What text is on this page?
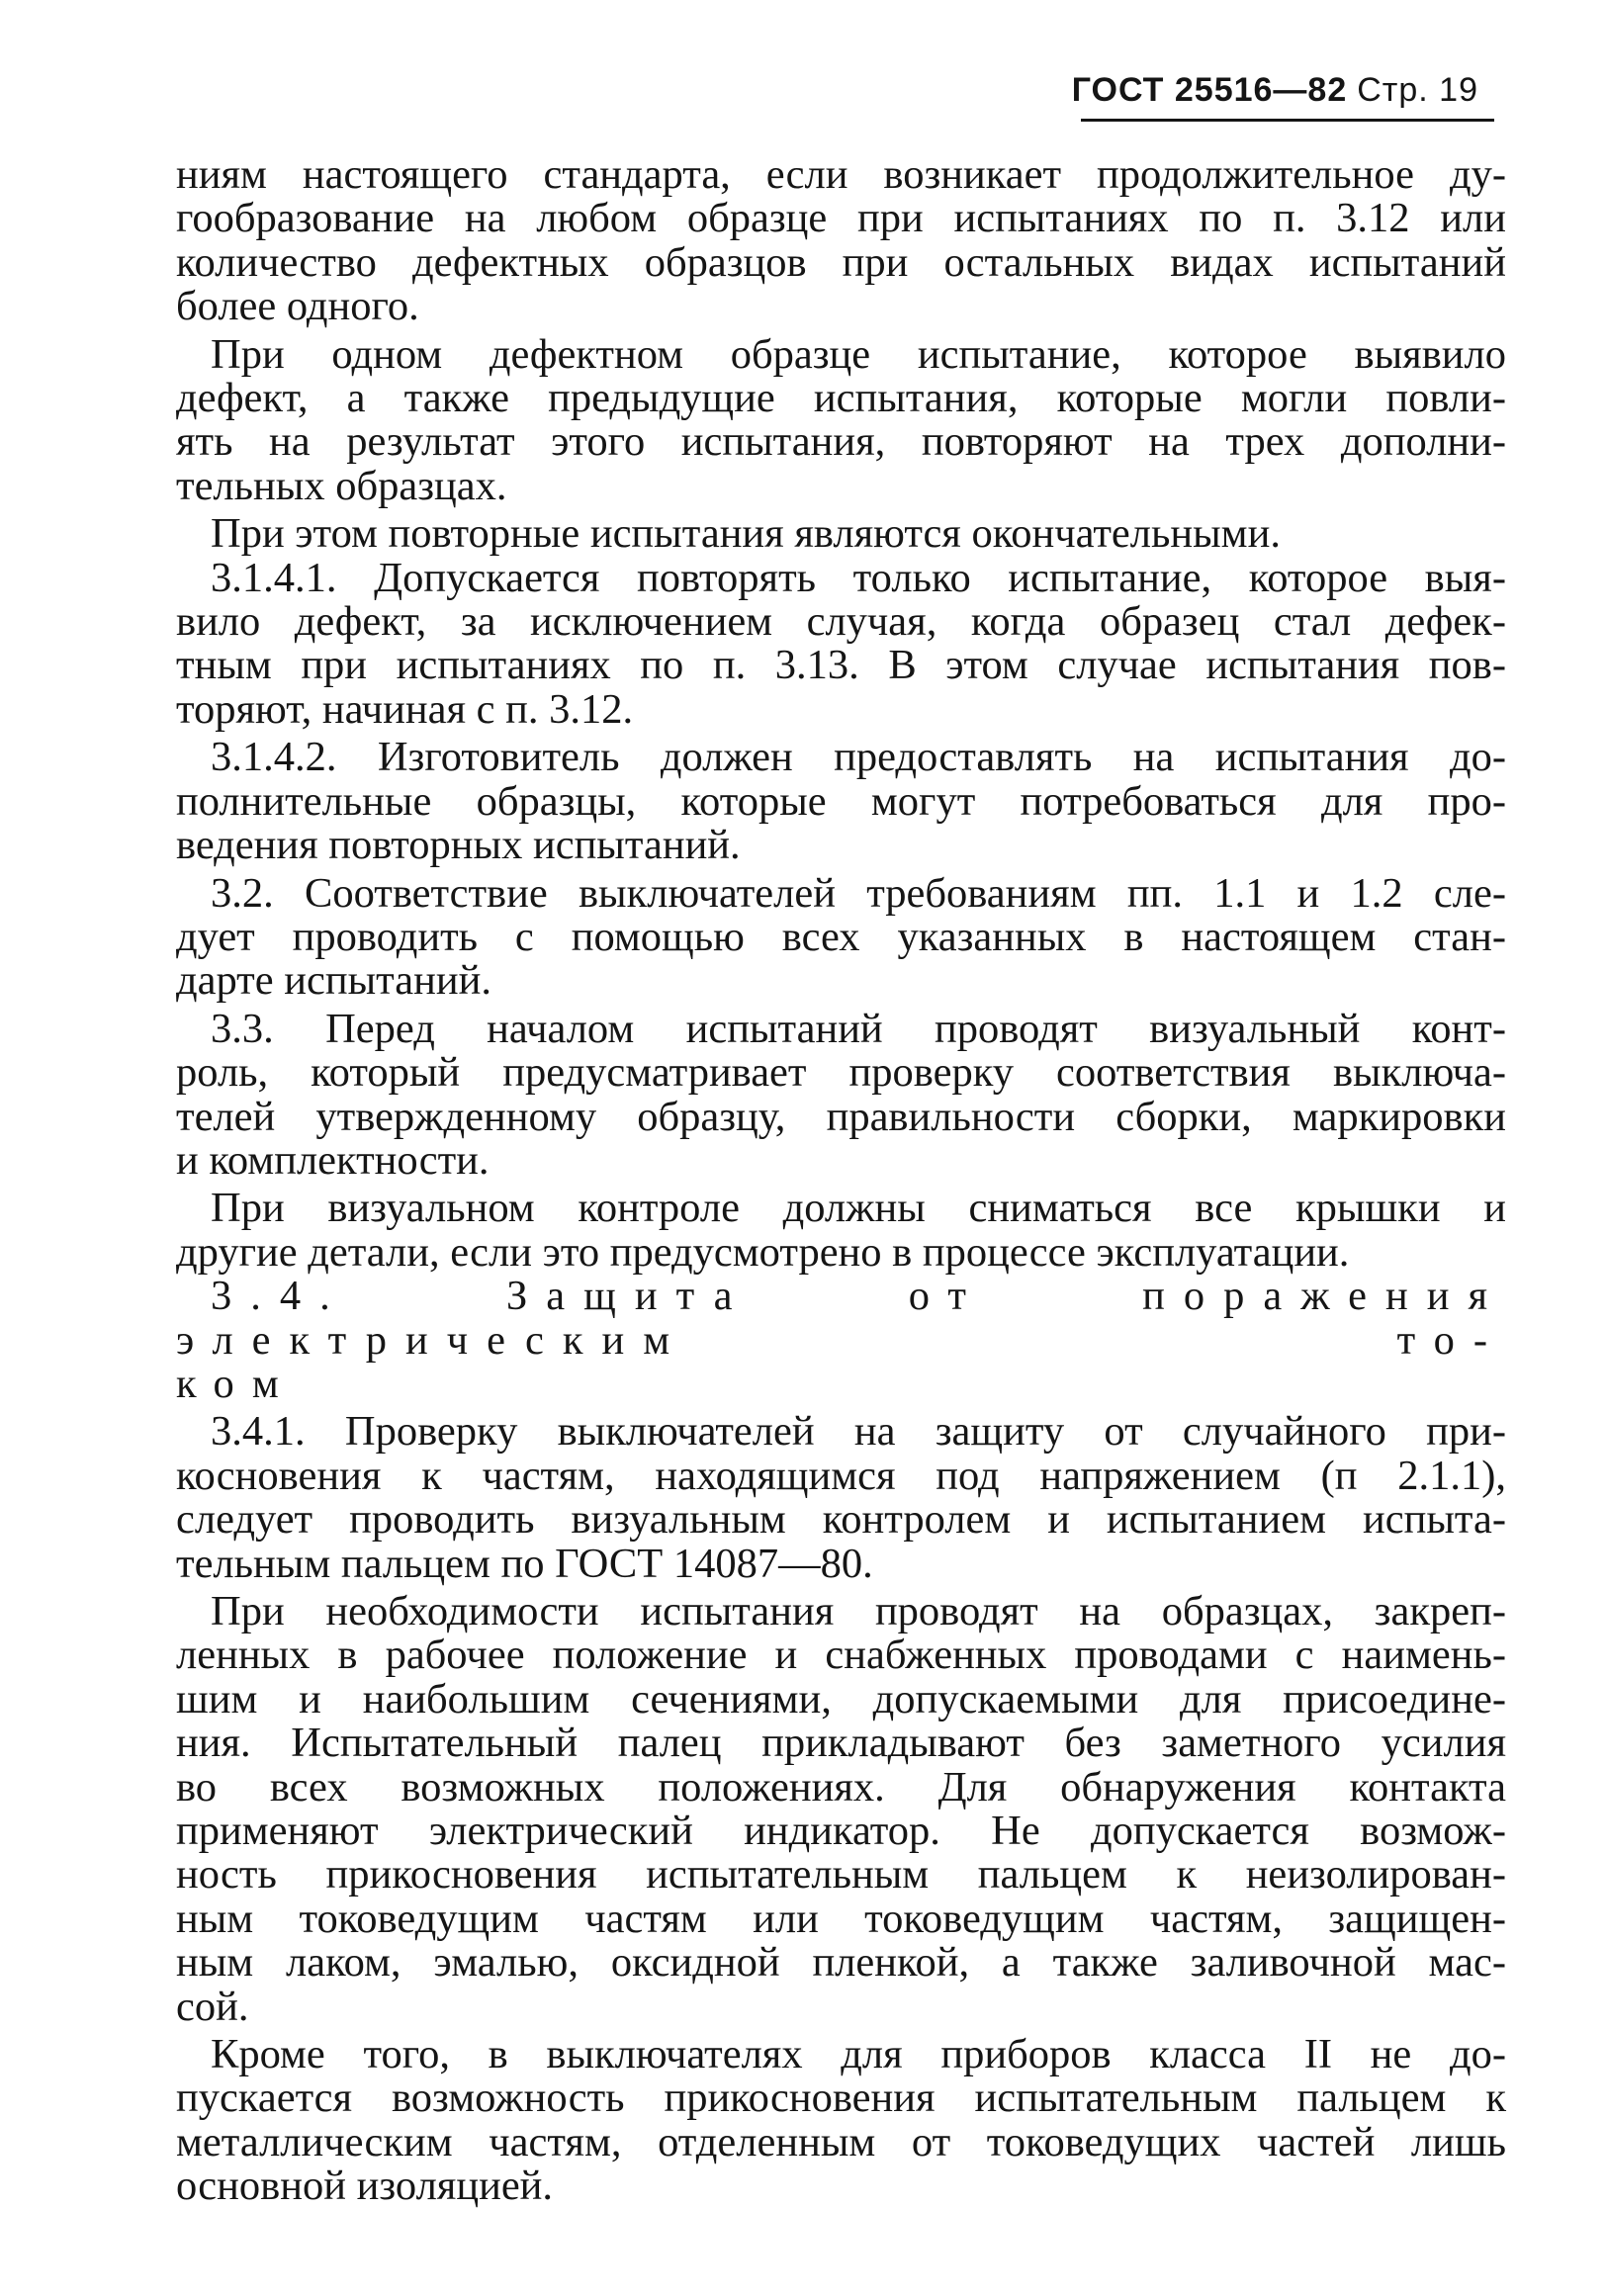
ГОСТ 25516—82 Стр. 19

ниям настоящего стандарта, если возникает продолжительное ду-

гообразование на любом образце при испытаниях по п. 3.12 или

количество дефектных образцов при остальных видах испытаний

более одного.

При одном дефектном образце испытание, которое выявило

дефект, а также предыдущие испытания, которые могли повли-

ять на результат этого испытания, повторяют на трех дополни-

тельных образцах.

При этом повторные испытания являются окончательными.

3.1.4.1. Допускается повторять только испытание, которое выя-

вило дефект, за исключением случая, когда образец стал дефек-

тным при испытаниях по п. 3.13. В этом случае испытания пов-

торяют, начиная с п. 3.12.

3.1.4.2. Изготовитель должен предоставлять на испытания до-

полнительные образцы, которые могут потребоваться для про-

ведения повторных испытаний.

3.2. Соответствие выключателей требованиям пп. 1.1 и 1.2 сле-

дует проводить с помощью всех указанных в настоящем стан-

дарте испытаний.

3.3. Перед началом испытаний проводят визуальный конт-

роль, который предусматривает проверку соответствия выключа-

телей утвержденному образцу, правильности сборки, маркировки

и комплектности.

При визуальном контроле должны сниматься все крышки и

другие детали, если это предусмотрено в процессе эксплуатации.

3.4. Защита от поражения электрическим то-

ком

3.4.1. Проверку выключателей на защиту от случайного при-

косновения к частям, находящимся под напряжением (п 2.1.1),

следует проводить визуальным контролем и испытанием испыта-

тельным пальцем по ГОСТ 14087—80.

При необходимости испытания проводят на образцах, закреп-

ленных в рабочее положение и снабженных проводами с наимень-

шим и наибольшим сечениями, допускаемыми для присоедине-

ния. Испытательный палец прикладывают без заметного усилия

во всех возможных положениях. Для обнаружения контакта

применяют электрический индикатор. Не допускается возмож-

ность прикосновения испытательным пальцем к неизолирован-

ным токоведущим частям или токоведущим частям, защищен-

ным лаком, эмалью, оксидной пленкой, а также заливочной мас-

сой.

Кроме того, в выключателях для приборов класса II не до-

пускается возможность прикосновения испытательным пальцем к

металлическим частям, отделенным от токоведущих частей лишь

основной изоляцией.
